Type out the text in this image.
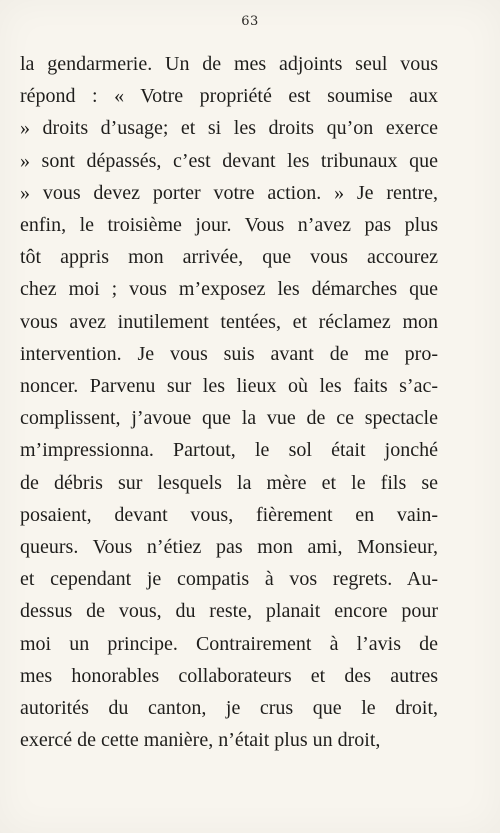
63
la gendarmerie. Un de mes adjoints seul vous
répond : « Votre propriété est soumise aux
» droits d’usage; et si les droits qu’on exerce
» sont dépassés, c’est devant les tribunaux que
» vous devez porter votre action. » Je rentre,
enfin, le troisième jour. Vous n’avez pas plus
tôt appris mon arrivée, que vous accourez
chez moi ; vous m’exposez les démarches que
vous avez inutilement tentées, et réclamez mon
intervention. Je vous suis avant de me pro-
noncer. Parvenu sur les lieux où les faits s’ac-
complissent, j’avoue que la vue de ce spectacle
m’impressionna. Partout, le sol était jonché
de débris sur lesquels la mère et le fils se
posaient, devant vous, fièrement en vain-
queurs. Vous n’étiez pas mon ami, Monsieur,
et cependant je compatis à vos regrets. Au-
dessus de vous, du reste, planait encore pour
moi un principe. Contrairement à l’avis de
mes honorables collaborateurs et des autres
autorités du canton, je crus que le droit,
exercé de cette manière, n’était plus un droit,
